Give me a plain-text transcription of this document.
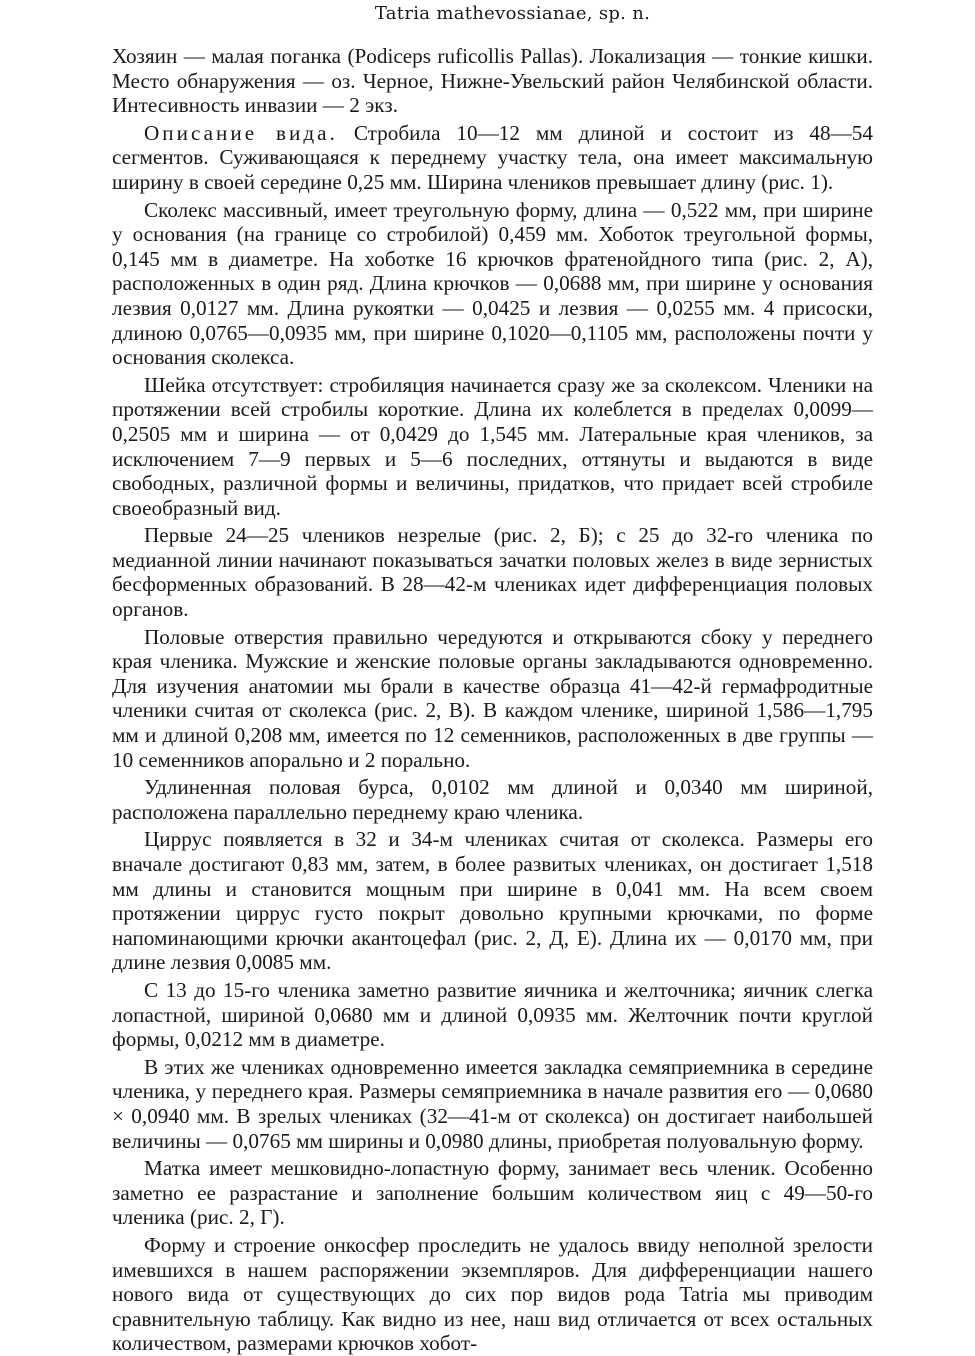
Tatria mathevossianae, sp. n.

Хозяин — малая поганка (Podiceps ruficollis Pallas). Локализация — тонкие кишки. Место обнаружения — оз. Черное, Нижне-Увельский район Челябинской области. Интесивность инвазии — 2 экз.

Описание вида. Стробила 10—12 мм длиной и состоит из 48—54 сегментов. Суживающаяся к переднему участку тела, она имеет максимальную ширину в своей середине 0,25 мм. Ширина члеников превышает длину (рис. 1).

Сколекс массивный, имеет треугольную форму, длина — 0,522 мм, при ширине у основания (на границе со стробилой) 0,459 мм. Хоботок треугольной формы, 0,145 мм в диаметре. На хоботке 16 крючков фратенойдного типа (рис. 2, А), расположенных в один ряд. Длина крючков — 0,0688 мм, при ширине у основания лезвия 0,0127 мм. Длина рукоятки — 0,0425 и лезвия — 0,0255 мм. 4 присоски, длиною 0,0765—0,0935 мм, при ширине 0,1020—0,1105 мм, расположены почти у основания сколекса.

Шейка отсутствует: стробиляция начинается сразу же за сколексом. Членики на протяжении всей стробилы короткие. Длина их колеблется в пределах 0,0099—0,2505 мм и ширина — от 0,0429 до 1,545 мм. Латеральные края члеников, за исключением 7—9 первых и 5—6 последних, оттянуты и выдаются в виде свободных, различной формы и величины, придатков, что придает всей стробиле своеобразный вид.

Первые 24—25 члеников незрелые (рис. 2, Б); с 25 до 32-го членика по медианной линии начинают показываться зачатки половых желез в виде зернистых бесформенных образований. В 28—42-м члениках идет дифференциация половых органов.

Половые отверстия правильно чередуются и открываются сбоку у переднего края членика. Мужские и женские половые органы закладываются одновременно. Для изучения анатомии мы брали в качестве образца 41—42-й гермафродитные членики считая от сколекса (рис. 2, В). В каждом членике, шириной 1,586—1,795 мм и длиной 0,208 мм, имеется по 12 семенников, расположенных в две группы — 10 семенников апорально и 2 порально.

Удлиненная половая бурса, 0,0102 мм длиной и 0,0340 мм шириной, расположена параллельно переднему краю членика.

Циррус появляется в 32 и 34-м члениках считая от сколекса. Размеры его вначале достигают 0,83 мм, затем, в более развитых члениках, он достигает 1,518 мм длины и становится мощным при ширине в 0,041 мм. На всем своем протяжении циррус густо покрыт довольно крупными крючками, по форме напоминающими крючки акантоцефал (рис. 2, Д, Е). Длина их — 0,0170 мм, при длине лезвия 0,0085 мм.

С 13 до 15-го членика заметно развитие яичника и желточника; яичник слегка лопастной, шириной 0,0680 мм и длиной 0,0935 мм. Желточник почти круглой формы, 0,0212 мм в диаметре.

В этих же члениках одновременно имеется закладка семяприемника в середине членика, у переднего края. Размеры семяприемника в начале развития его — 0,0680 × 0,0940 мм. В зрелых члениках (32—41-м от сколекса) он достигает наибольшей величины — 0,0765 мм ширины и 0,0980 длины, приобретая полуовальную форму.

Матка имеет мешковидно-лопастную форму, занимает весь членик. Особенно заметно ее разрастание и заполнение большим количеством яиц с 49—50-го членика (рис. 2, Г).

Форму и строение онкосфер проследить не удалось ввиду неполной зрелости имевшихся в нашем распоряжении экземпляров. Для дифференциации нашего нового вида от существующих до сих пор видов рода Tatria мы приводим сравнительную таблицу. Как видно из нее, наш вид отличается от всех остальных количеством, размерами крючков хобот-
